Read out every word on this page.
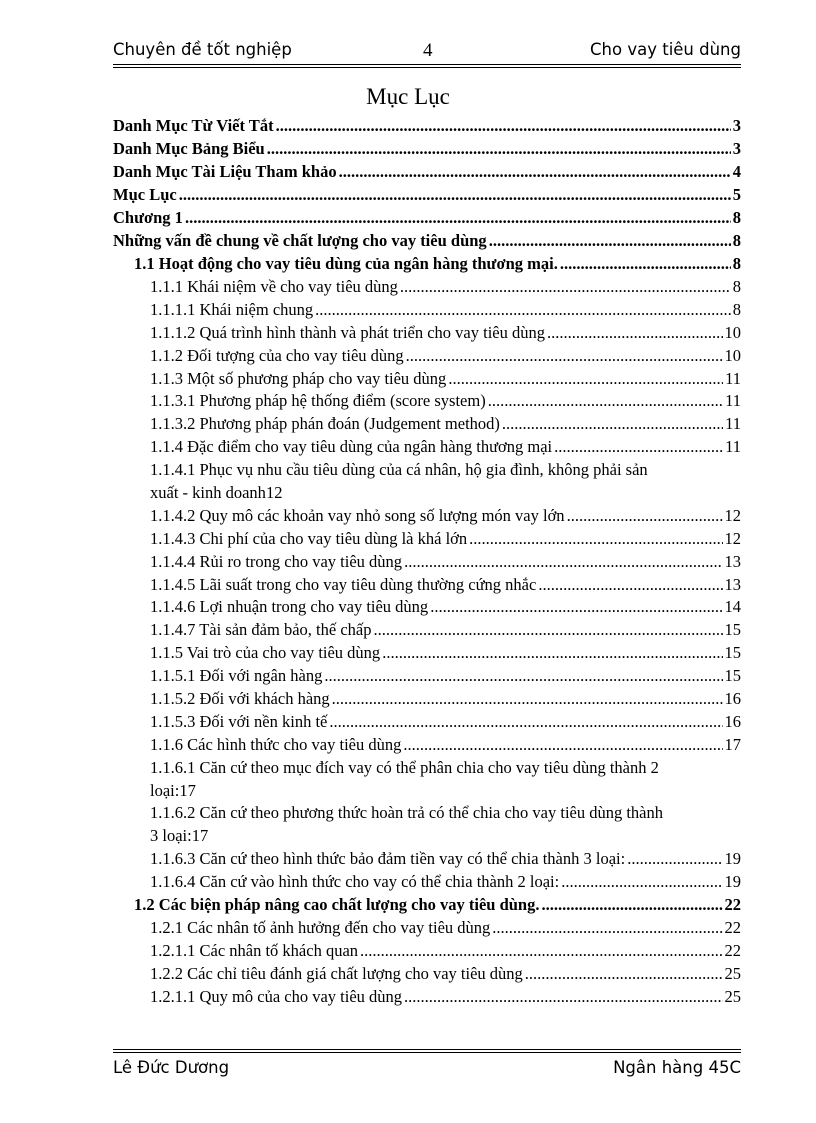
Chuyên đề tốt nghiệp	4	Cho vay tiêu dùng
Mục Lục
Danh Mục Từ Viết Tắt .....	3
Danh Mục Bảng Biểu .....	3
Danh Mục Tài Liệu Tham khảo .....	4
Mục Lục .....	5
Chương 1 .....	8
Những vấn đề chung về chất lượng cho vay tiêu dùng .....	8
1.1 Hoạt động cho vay tiêu dùng của ngân hàng thương mại. .....	8
1.1.1 Khái niệm về cho vay tiêu dùng .....	8
1.1.1.1 Khái niệm chung .....	8
1.1.1.2 Quá trình hình thành và phát triển cho vay tiêu dùng .....	10
1.1.2 Đối tượng của cho vay tiêu dùng .....	10
1.1.3 Một số phương pháp cho vay tiêu dùng .....	11
1.1.3.1 Phương pháp hệ thống điểm (score system) .....	11
1.1.3.2 Phương pháp phán đoán (Judgement method) .....	11
1.1.4 Đặc điểm cho vay tiêu dùng của ngân hàng thương mại .....	11
1.1.4.1 Phục vụ nhu cầu tiêu dùng của cá nhân, hộ gia đình, không phải sản
xuất - kinh doanh 12
1.1.4.2 Quy mô các khoản vay nhỏ song số lượng món vay lớn .....	12
1.1.4.3 Chi phí của cho vay tiêu dùng là khá lớn .....	12
1.1.4.4 Rủi ro trong cho vay tiêu dùng .....	13
1.1.4.5 Lãi suất trong cho vay tiêu dùng thường cứng nhắc .....	13
1.1.4.6 Lợi nhuận trong cho vay tiêu dùng .....	14
1.1.4.7 Tài sản đảm bảo, thế chấp .....	15
1.1.5 Vai trò của cho vay tiêu dùng .....	15
1.1.5.1 Đối với ngân hàng .....	15
1.1.5.2 Đối với khách hàng .....	16
1.1.5.3 Đối với nền kinh tế .....	16
1.1.6 Các hình thức cho vay tiêu dùng .....	17
1.1.6.1 Căn cứ theo mục đích vay có thể phân chia cho vay tiêu dùng thành 2
loại: 17
1.1.6.2 Căn cứ theo phương thức hoàn trả có thể chia cho vay tiêu dùng thành
3 loại: 17
1.1.6.3 Căn cứ theo hình thức bảo đảm tiền vay có thể chia thành 3 loại: .....	19
1.1.6.4 Căn cứ vào hình thức cho vay có thể chia thành 2 loại: .....	19
1.2 Các biện pháp nâng cao chất lượng cho vay tiêu dùng. .....	22
1.2.1 Các nhân tố ảnh hưởng đến cho vay tiêu dùng .....	22
1.2.1.1 Các nhân tố khách quan .....	22
1.2.2 Các chỉ tiêu đánh giá chất lượng cho vay tiêu dùng .....	25
1.2.1.1 Quy mô của cho vay tiêu dùng .....	25
Lê Đức Dương	Ngân hàng 45C
